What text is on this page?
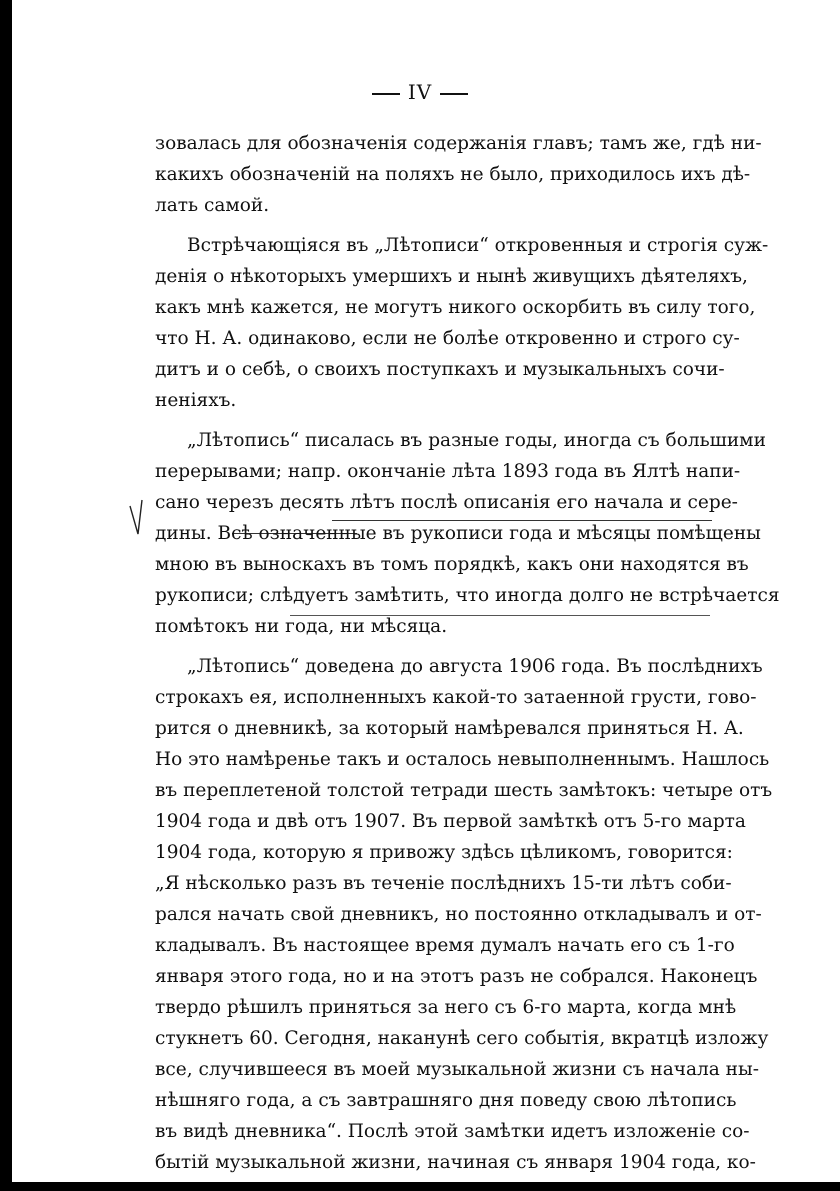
IV
зовалась для обозначенія содержанія главъ; тамъ же, гдѣ ни-
какихъ обозначеній на поляхъ не было, приходилось ихъ дѣ-
лать самой.
Встрѣчающіяся въ „Лѣтописи“ откровенныя и строгія суж-
денія о нѣкоторыхъ умершихъ и нынѣ живущихъ дѣятеляхъ,
какъ мнѣ кажется, не могутъ никого оскорбить въ силу того,
что Н. А. одинаково, если не болѣе откровенно и строго су-
дитъ и о себѣ, о своихъ поступкахъ и музыкальныхъ сочи-
неніяхъ.
„Лѣтопись“ писалась въ разные годы, иногда съ большими
перерывами; напр. окончаніе лѣта 1893 года въ Ялтѣ напи-
сано черезъ десять лѣтъ послѣ описанія его начала и сере-
дины. Всѣ означенные въ рукописи года и мѣсяцы помѣщены
мною въ выноскахъ въ томъ порядкѣ, какъ они находятся въ
рукописи; слѣдуетъ замѣтить, что иногда долго не встрѣчается
помѣтокъ ни года, ни мѣсяца.
„Лѣтопись“ доведена до августа 1906 года. Въ послѣднихъ
строкахъ ея, исполненныхъ какой-то затаенной грусти, гово-
рится о дневникѣ, за который намѣревался приняться Н. А.
Но это намѣренье такъ и осталось невыполненнымъ. Нашлось
въ переплетеной толстой тетради шесть замѣтокъ: четыре отъ
1904 года и двѣ отъ 1907. Въ первой замѣткѣ отъ 5-го марта
1904 года, которую я привожу здѣсь цѣликомъ, говорится:
„Я нѣсколько разъ въ теченіе послѣднихъ 15-ти лѣтъ соби-
рался начать свой дневникъ, но постоянно откладывалъ и от-
кладывалъ. Въ настоящее время думалъ начать его съ 1-го
января этого года, но и на этотъ разъ не собрался. Наконецъ
твердо рѣшилъ приняться за него съ 6-го марта, когда мнѣ
стукнетъ 60. Сегодня, наканунѣ сего событія, вкратцѣ изложу
все, случившееся въ моей музыкальной жизни съ начала ны-
нѣшняго года, а съ завтрашняго дня поведу свою лѣтопись
въ видѣ дневника“. Послѣ этой замѣтки идетъ изложеніе со-
бытій музыкальной жизни, начиная съ января 1904 года, ко-
